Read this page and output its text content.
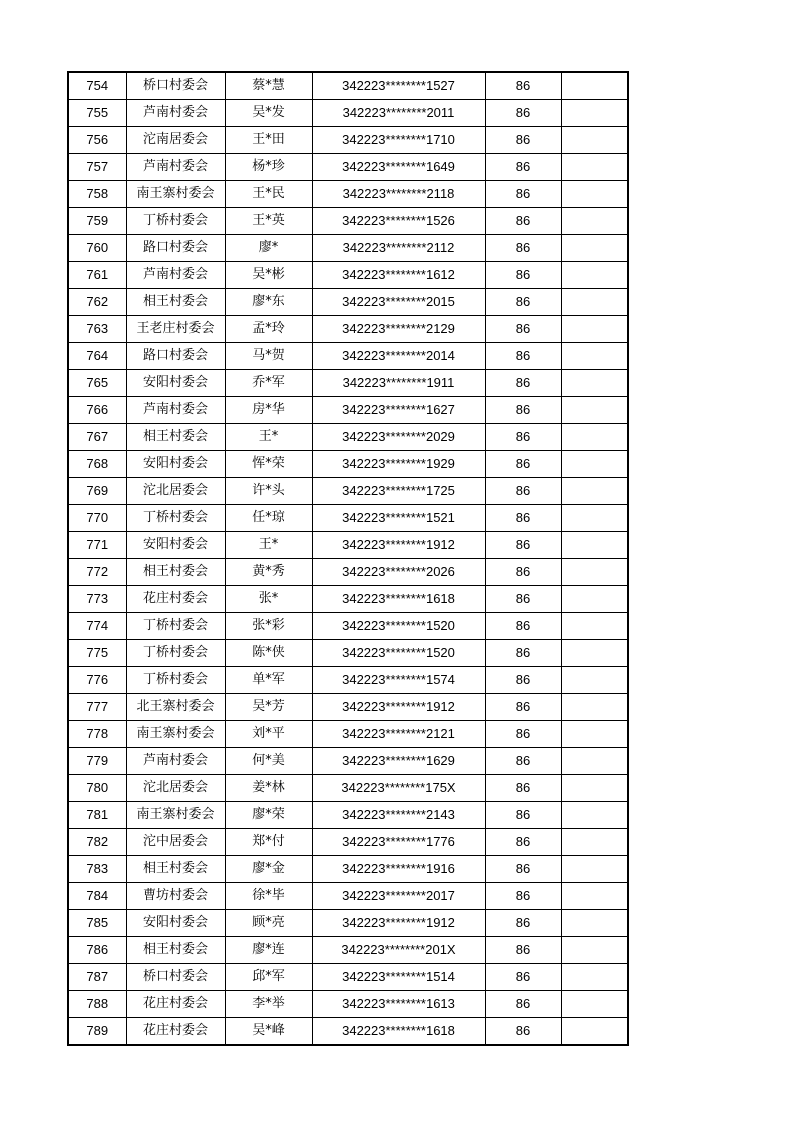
754	桥口村委会	蔡*慧	342223********1527	86	
755	芦南村委会	吴*发	342223********2011	86	
756	沱南居委会	王*田	342223********1710	86	
757	芦南村委会	杨*珍	342223********1649	86	
758	南王寨村委会	王*民	342223********2118	86	
759	丁桥村委会	王*英	342223********1526	86	
760	路口村委会	廖*	342223********2112	86	
761	芦南村委会	吴*彬	342223********1612	86	
762	相王村委会	廖*东	342223********2015	86	
763	王老庄村委会	孟*玲	342223********2129	86	
764	路口村委会	马*贺	342223********2014	86	
765	安阳村委会	乔*军	342223********1911	86	
766	芦南村委会	房*华	342223********1627	86	
767	相王村委会	王*	342223********2029	86	
768	安阳村委会	恽*荣	342223********1929	86	
769	沱北居委会	许*头	342223********1725	86	
770	丁桥村委会	任*琼	342223********1521	86	
771	安阳村委会	王*	342223********1912	86	
772	相王村委会	黄*秀	342223********2026	86	
773	花庄村委会	张*	342223********1618	86	
774	丁桥村委会	张*彩	342223********1520	86	
775	丁桥村委会	陈*侠	342223********1520	86	
776	丁桥村委会	单*军	342223********1574	86	
777	北王寨村委会	吴*芳	342223********1912	86	
778	南王寨村委会	刘*平	342223********2121	86	
779	芦南村委会	何*美	342223********1629	86	
780	沱北居委会	姜*林	342223********175X	86	
781	南王寨村委会	廖*荣	342223********2143	86	
782	沱中居委会	郑*付	342223********1776	86	
783	相王村委会	廖*金	342223********1916	86	
784	曹坊村委会	徐*毕	342223********2017	86	
785	安阳村委会	顾*亮	342223********1912	86	
786	相王村委会	廖*连	342223********201X	86	
787	桥口村委会	邱*军	342223********1514	86	
788	花庄村委会	李*举	342223********1613	86	
789	花庄村委会	吴*峰	342223********1618	86	
